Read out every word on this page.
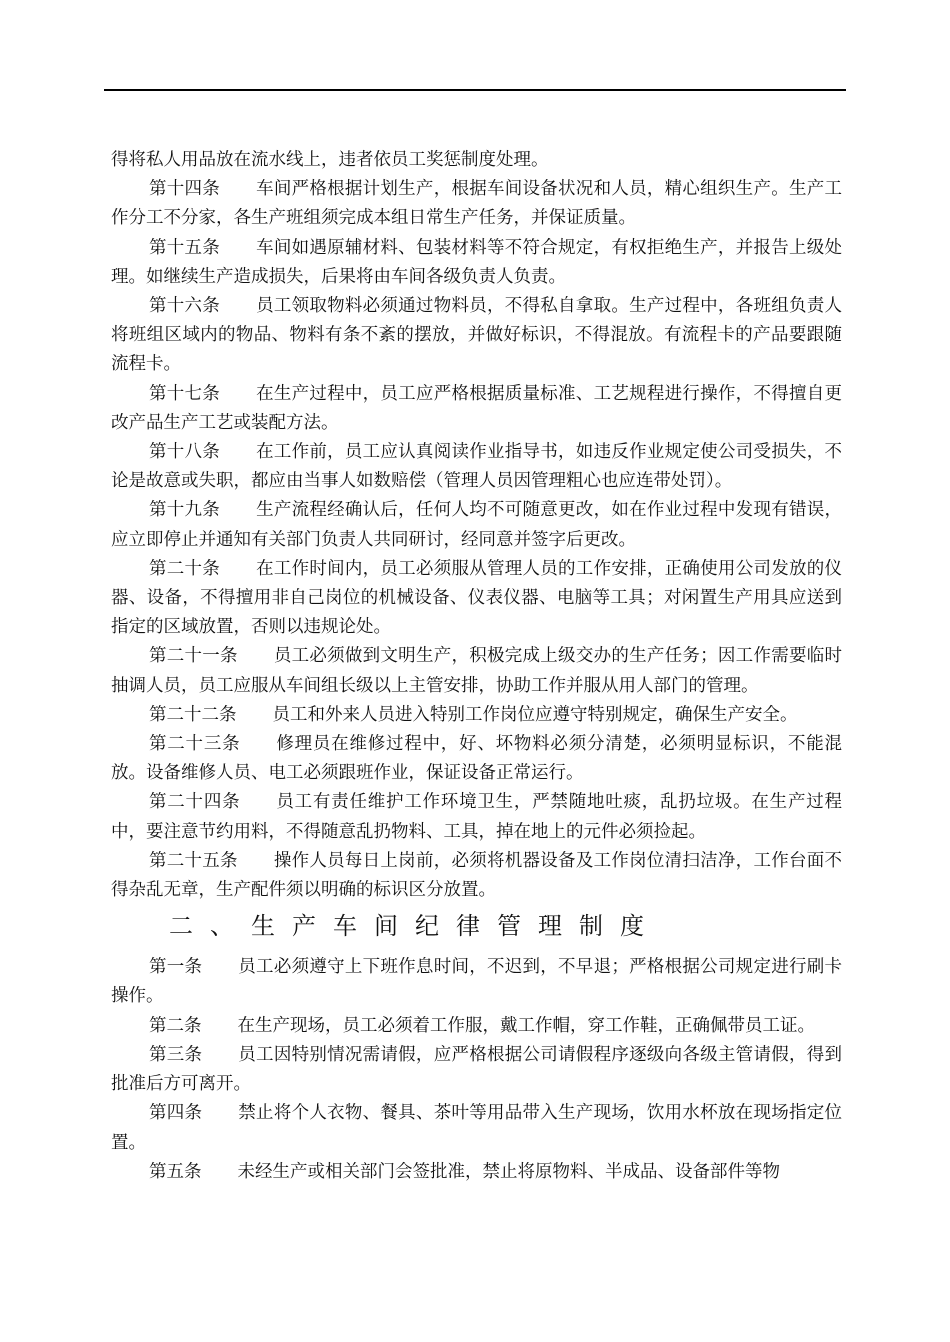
得将私人用品放在流水线上，违者依员工奖惩制度处理。

第十四条 车间严格根据计划生产，根据车间设备状况和人员，精心组织生产。生产工作分工不分家，各生产班组须完成本组日常生产任务，并保证质量。

第十五条 车间如遇原辅材料、包装材料等不符合规定，有权拒绝生产，并报告上级处理。如继续生产造成损失，后果将由车间各级负责人负责。

第十六条 员工领取物料必须通过物料员，不得私自拿取。生产过程中，各班组负责人将班组区域内的物品、物料有条不紊的摆放，并做好标识，不得混放。有流程卡的产品要跟随流程卡。

第十七条 在生产过程中，员工应严格根据质量标准、工艺规程进行操作，不得擅自更改产品生产工艺或装配方法。

第十八条 在工作前，员工应认真阅读作业指导书，如违反作业规定使公司受损失，不论是故意或失职，都应由当事人如数赔偿（管理人员因管理粗心也应连带处罚）。

第十九条 生产流程经确认后，任何人均不可随意更改，如在作业过程中发现有错误，应立即停止并通知有关部门负责人共同研讨，经同意并签字后更改。

第二十条 在工作时间内，员工必须服从管理人员的工作安排，正确使用公司发放的仪器、设备，不得擅用非自己岗位的机械设备、仪表仪器、电脑等工具；对闲置生产用具应送到指定的区域放置，否则以违规论处。

第二十一条 员工必须做到文明生产，积极完成上级交办的生产任务；因工作需要临时抽调人员，员工应服从车间组长级以上主管安排，协助工作并服从用人部门的管理。

第二十二条 员工和外来人员进入特别工作岗位应遵守特别规定，确保生产安全。

第二十三条 修理员在维修过程中，好、坏物料必须分清楚，必须明显标识，不能混放。设备维修人员、电工必须跟班作业，保证设备正常运行。

第二十四条 员工有责任维护工作环境卫生，严禁随地吐痰，乱扔垃圾。在生产过程中，要注意节约用料，不得随意乱扔物料、工具，掉在地上的元件必须捡起。

第二十五条 操作人员每日上岗前，必须将机器设备及工作岗位清扫洁净，工作台面不得杂乱无章，生产配件须以明确的标识区分放置。

二、生产车间纪律管理制度

第一条 员工必须遵守上下班作息时间，不迟到，不早退；严格根据公司规定进行刷卡操作。

第二条 在生产现场，员工必须着工作服，戴工作帽，穿工作鞋，正确佩带员工证。

第三条 员工因特别情况需请假，应严格根据公司请假程序逐级向各级主管请假，得到批准后方可离开。

第四条 禁止将个人衣物、餐具、茶叶等用品带入生产现场，饮用水杯放在现场指定位置。

第五条 未经生产或相关部门会签批准，禁止将原物料、半成品、设备部件等物
